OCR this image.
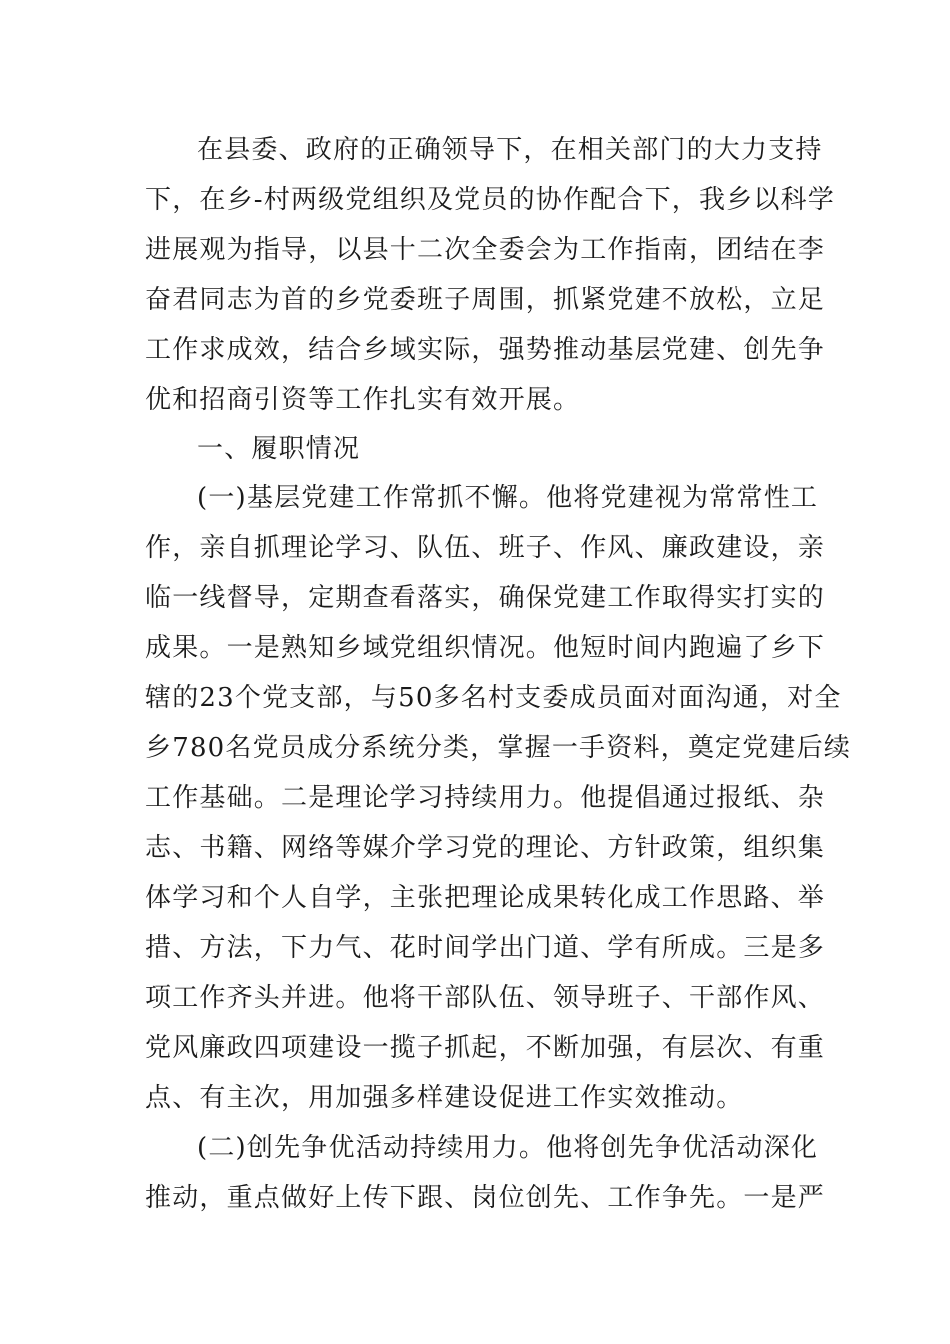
在县委、政府的正确领导下，在相关部门的大力支持

下，在乡-村两级党组织及党员的协作配合下，我乡以科学

进展观为指导，以县十二次全委会为工作指南，团结在李

奋君同志为首的乡党委班子周围，抓紧党建不放松，立足

工作求成效，结合乡域实际，强势推动基层党建、创先争

优和招商引资等工作扎实有效开展。

一、履职情况

(一)基层党建工作常抓不懈。他将党建视为常常性工

作，亲自抓理论学习、队伍、班子、作风、廉政建设，亲

临一线督导，定期查看落实，确保党建工作取得实打实的

成果。一是熟知乡域党组织情况。他短时间内跑遍了乡下

辖的23个党支部，与50多名村支委成员面对面沟通，对全

乡780名党员成分系统分类，掌握一手资料，奠定党建后续

工作基础。二是理论学习持续用力。他提倡通过报纸、杂

志、书籍、网络等媒介学习党的理论、方针政策，组织集

体学习和个人自学，主张把理论成果转化成工作思路、举

措、方法，下力气、花时间学出门道、学有所成。三是多

项工作齐头并进。他将干部队伍、领导班子、干部作风、

党风廉政四项建设一揽子抓起，不断加强，有层次、有重

点、有主次，用加强多样建设促进工作实效推动。

(二)创先争优活动持续用力。他将创先争优活动深化

推动，重点做好上传下跟、岗位创先、工作争先。一是严
